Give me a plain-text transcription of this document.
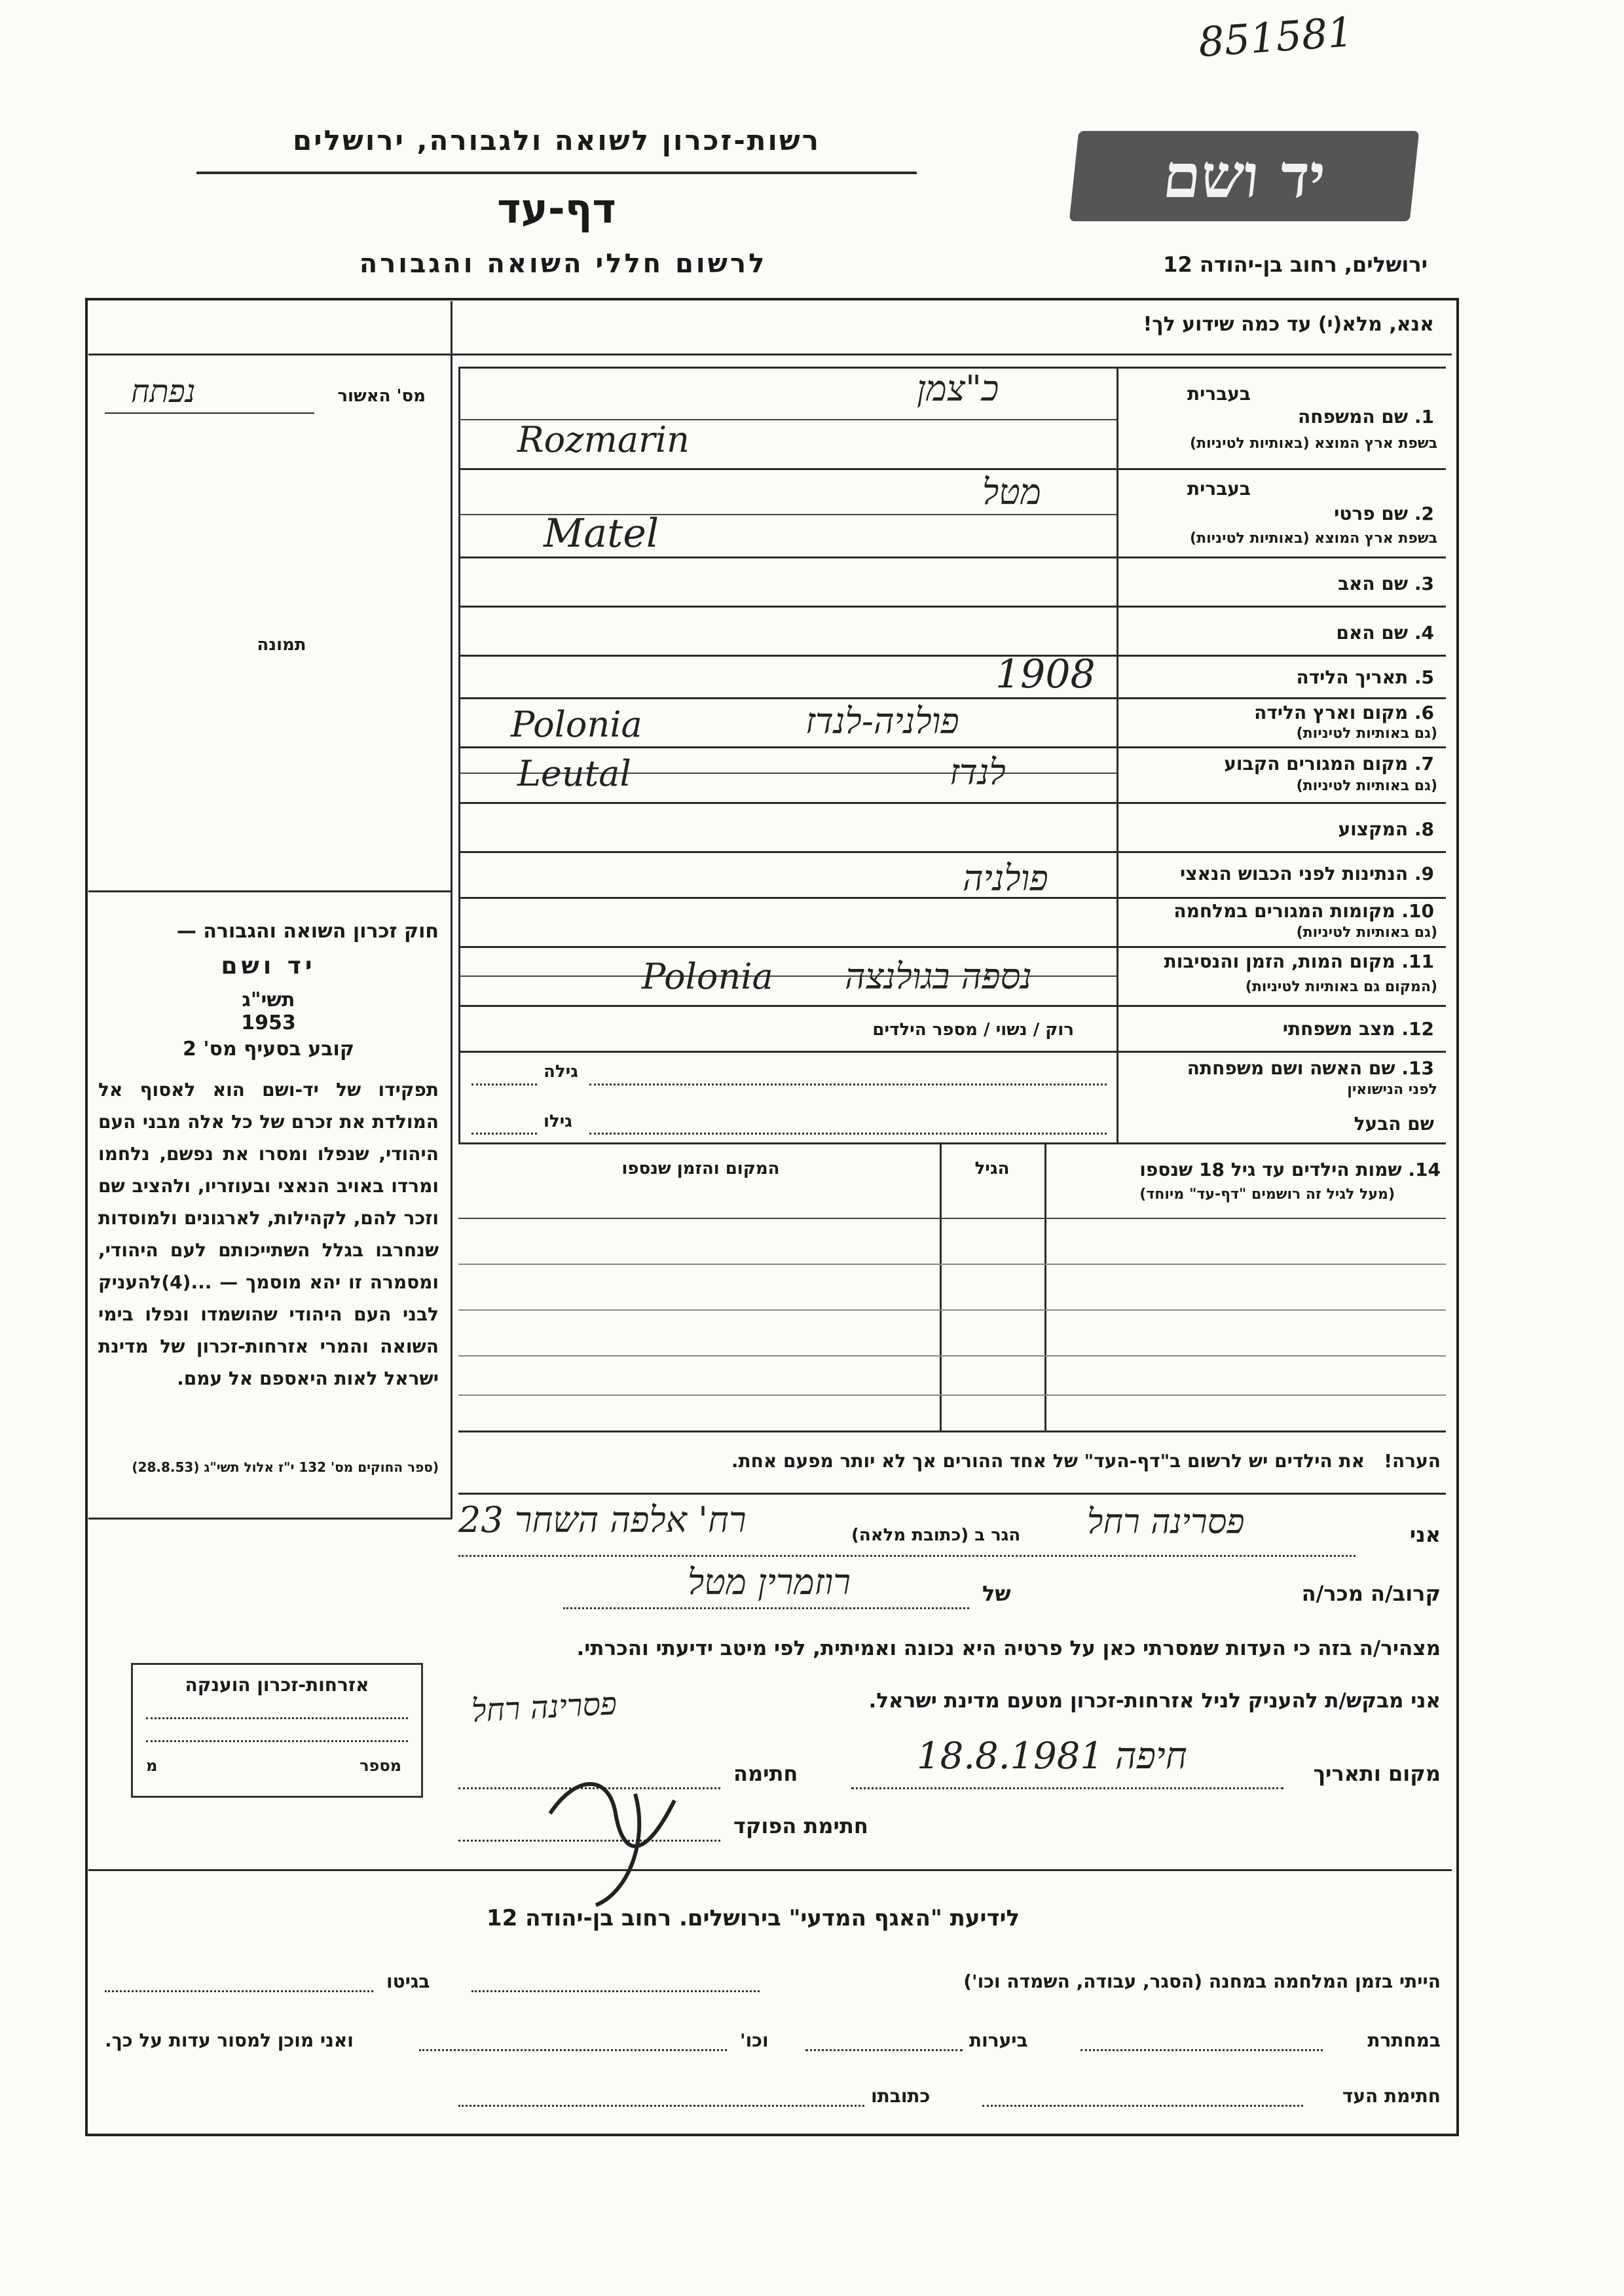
851581
רשות-זכרון לשואה ולגבורה, ירושלים
דף-עד
לרשום חללי השואה והגבורה
יד ושם
ירושלים, רחוב בן-יהודה 12
אנא, מלא(י) עד כמה שידוע לך!
מס' האשור
נפתח
תמונה
חוק זכרון השואה והגבורה —
יד ושם
תשי"ג
1953
קובע בסעיף מס' 2
תפקידו של יד-ושם הוא לאסוף אל המולדת את זכרם של כל אלה מבני העם היהודי, שנפלו ומסרו את נפשם, נלחמו ומרדו באויב הנאצי ובעוזריו, ולהציב שם וזכר להם, לקהילות, לארגונים ולמוסדות שנחרבו בגלל השתייכותם לעם היהודי, ומסמרה זו יהא מוסמך — ...(4)להעניק לבני העם היהודי שהושמדו ונפלו בימי השואה והמרי אזרחות-זכרון של מדינת ישראל לאות היאספם אל עמם.
(ספר החוקים מס' 132 י"ז אלול תשי"ג (28.8.53)
בעברית
1. שם המשפחה
בשפת ארץ המוצא (באותיות לטיניות)
כ"צמן
Rozmarin
בעברית
2. שם פרטי
בשפת ארץ המוצא (באותיות לטיניות)
מטל
Matel
3. שם האב
4. שם האם
5. תאריך הלידה
1908
6. מקום וארץ הלידה
(גם באותיות לטיניות)
פולניה-לנדז
Polonia
7. מקום המגורים הקבוע
(גם באותיות לטיניות)
לנדז
Leutal
8. המקצוע
9. הנתינות לפני הכבוש הנאצי
פולניה
10. מקומות המגורים במלחמה
(גם באותיות לטיניות)
11. מקום המות, הזמן והנסיבות
(המקום גם באותיות לטיניות)
נספה בגולנצה
Polonia
12. מצב משפחתי
רוק / נשוי / מספר הילדים
13. שם האשה ושם משפחתה
לפני הנישואין
גילה
שם הבעל
גילו
14. שמות הילדים עד גיל 18 שנספו
(מעל לגיל זה רושמים "דף-עד" מיוחד)
הגיל
המקום והזמן שנספו
הערה!   את הילדים יש לרשום ב"דף-העד" של אחד ההורים אך לא יותר מפעם אחת.
אני
פסרינה רחל
הגר ב (כתובת מלאה)
רח' אלפה השחר 23
קרוב/ה מכר/ה
של
רוזמרין מטל
מצהיר/ה בזה כי העדות שמסרתי כאן על פרטיה היא נכונה ואמיתית, לפי מיטב ידיעתי והכרתי.
אני מבקש/ת להעניק לניל אזרחות-זכרון מטעם מדינת ישראל.
מקום ותאריך
חיפה 18.8.1981
חתימה
פסרינה רחל
חתימת הפוקד
אזרחות-זכרון הוענקה
מספר
מ
לידיעת "האגף המדעי" בירושלים. רחוב בן-יהודה 12
הייתי בזמן המלחמה במחנה (הסגר, עבודה, השמדה וכו')
בגיטו
במחתרת
ביערות
וכו'
ואני מוכן למסור עדות על כך.
חתימת העד
כתובתו
